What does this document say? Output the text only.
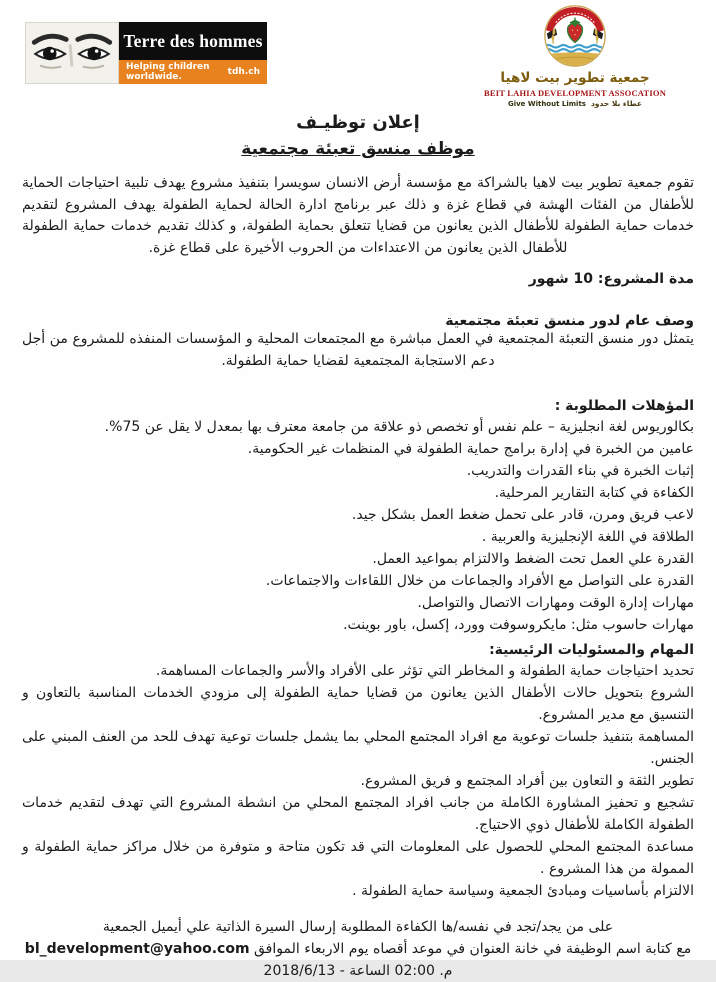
Terre des hommes
Helping children worldwide.	tdh.ch	جمعية تطوير بيت لاهيا
BEIT LAHIA DEVELOPMENT ASSOCATION
Give Without Limits عطاء بلا حدود
إعلان توظيـف
موظف منسق تعبئة مجتمعية

تقوم جمعية تطوير بيت لاهيا بالشراكة مع مؤسسة أرض الانسان سويسرا بتنفيذ مشروع يهدف تلبية احتياجات الحماية للأطفال من الفئات الهشة في قطاع غزة و ذلك عبر برنامج ادارة الحالة لحماية الطفولة يهدف المشروع لتقديم خدمات حماية الطفولة للأطفال الذين يعانون من قضايا تتعلق بحماية الطفولة، و كذلك تقديم خدمات حماية الطفولة للأطفال الذين يعانون من الاعتداءات من الحروب الأخيرة على قطاع غزة.

مدة المشروع: 10 شهور
وصف عام لدور منسق تعبئة مجتمعية

يتمثل دور منسق التعبئة المجتمعية في العمل مباشرة مع المجتمعات المحلية و المؤسسات المنفذه للمشروع من أجل دعم الاستجابة المجتمعية لقضايا حماية الطفولة.

المؤهلات المطلوبة :
بكالوريوس لغة انجليزية – علم نفس أو تخصص ذو علاقة من جامعة معترف بها بمعدل لا يقل عن 75%.
عامين من الخبرة في إدارة برامج حماية الطفولة في المنظمات غير الحكومية.
إثبات الخبرة في بناء القدرات والتدريب.
الكفاءة في كتابة التقارير المرحلية.
لاعب فريق ومرن، قادر على تحمل ضغط العمل بشكل جيد.
الطلاقة في اللغة الإنجليزية والعربية .
القدرة علي العمل تحت الضغط والالتزام بمواعيد العمل.
القدرة على التواصل مع الأفراد والجماعات من خلال اللقاءات والاجتماعات.
مهارات إدارة الوقت ومهارات الاتصال والتواصل.
مهارات حاسوب مثل: مايكروسوفت وورد، إكسل، باور بوينت.
المهام والمسئوليات الرئيسية:
تحديد احتياجات حماية الطفولة و المخاطر التي تؤثر على الأفراد والأسر والجماعات المساهمة.
الشروع بتحويل حالات الأطفال الذين يعانون من قضايا حماية الطفولة إلى مزودي الخدمات المناسبة بالتعاون و التنسيق مع مدير المشروع.
المساهمة بتنفيذ جلسات توعوية مع افراد المجتمع المحلي بما يشمل جلسات توعية تهدف للحد من العنف المبني على الجنس.
تطوير الثقة و التعاون بين أفراد المجتمع و فريق المشروع.
تشجيع و تحفيز المشاورة الكاملة من جانب افراد المجتمع المحلي من انشطة المشروع التي تهدف لتقديم خدمات الطفولة الكاملة للأطفال ذوي الاحتياج.
مساعدة المجتمع المحلي للحصول على المعلومات التي قد تكون متاحة و متوفرة من خلال مراكز حماية الطفولة و الممولة من هذا المشروع .
الالتزام بأساسيات ومبادئ الجمعية وسياسة حماية الطفولة .
على من يجد/تجد في نفسه/ها الكفاءة المطلوبة إرسال السيرة الذاتية علي أيميل الجمعية
مع كتابة اسم الوظيفة في خانة العنوان في موعد أقصاه يوم الاربعاء الموافق bl_development@yahoo.com
2018/6/13 - الساعة 02:00 م.
